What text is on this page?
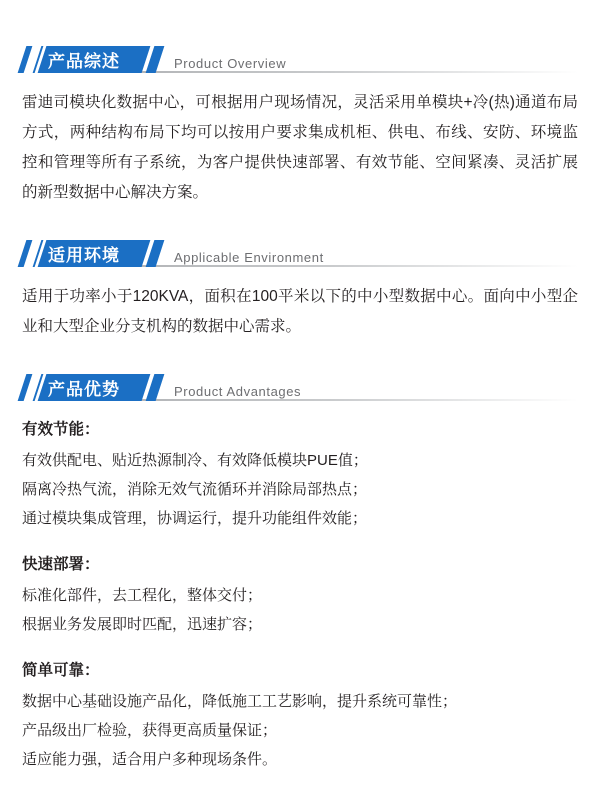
产品综述	Product Overview

雷迪司模块化数据中心，可根据用户现场情况，灵活采用单模块+冷(热)通道布局方式，两种结构布局下均可以按用户要求集成机柜、供电、布线、安防、环境监控和管理等所有子系统，为客户提供快速部署、有效节能、空间紧凑、灵活扩展的新型数据中心解决方案。

适用环境	Applicable Environment

适用于功率小于120KVA，面积在100平米以下的中小型数据中心。面向中小型企业和大型企业分支机构的数据中心需求。

产品优势	Product Advantages
有效节能：
有效供配电、贴近热源制冷、有效降低模块PUE值；
隔离冷热气流，消除无效气流循环并消除局部热点；
通过模块集成管理，协调运行，提升功能组件效能；
快速部署：
标准化部件，去工程化，整体交付；
根据业务发展即时匹配，迅速扩容；
简单可靠：
数据中心基础设施产品化，降低施工工艺影响，提升系统可靠性；
产品级出厂检验，获得更高质量保证；
适应能力强，适合用户多种现场条件。
